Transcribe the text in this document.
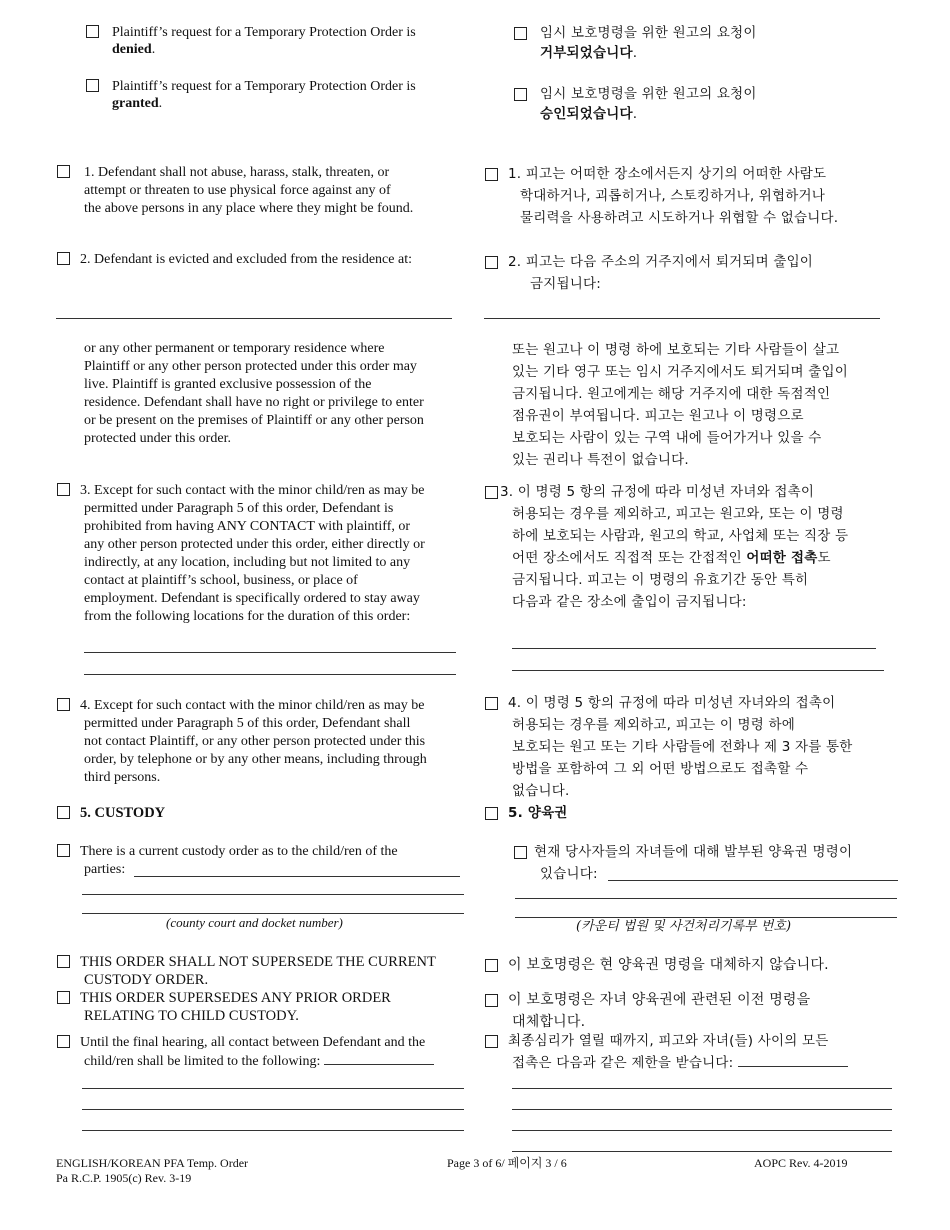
Plaintiff’s request for a Temporary Protection Order is
denied.
Plaintiff’s request for a Temporary Protection Order is
granted.
1. Defendant shall not abuse, harass, stalk, threaten, or
attempt or threaten to use physical force against any of
the above persons in any place where they might be found.
2. Defendant is evicted and excluded from the residence at:
or any other permanent or temporary residence where
Plaintiff or any other person protected under this order may
live. Plaintiff is granted exclusive possession of the
residence. Defendant shall have no right or privilege to enter
or be present on the premises of Plaintiff or any other person
protected under this order.
3. Except for such contact with the minor child/ren as may be
permitted under Paragraph 5 of this order, Defendant is
prohibited from having ANY CONTACT with plaintiff, or
any other person protected under this order, either directly or
indirectly, at any location, including but not limited to any
contact at plaintiff’s school, business, or place of
employment. Defendant is specifically ordered to stay away
from the following locations for the duration of this order:
4. Except for such contact with the minor child/ren as may be
permitted under Paragraph 5 of this order, Defendant shall
not contact Plaintiff, or any other person protected under this
order, by telephone or by any other means, including through
third persons.
5. CUSTODY
There is a current custody order as to the child/ren of the
parties:
(county court and docket number)
THIS ORDER SHALL NOT SUPERSEDE THE CURRENT
CUSTODY ORDER.
THIS ORDER SUPERSEDES ANY PRIOR ORDER
RELATING TO CHILD CUSTODY.
Until the final hearing, all contact between Defendant and the
child/ren shall be limited to the following:
임시 보호명령을 위한 원고의 요청이
거부되었습니다.
임시 보호명령을 위한 원고의 요청이
승인되었습니다.
1. 피고는 어떠한 장소에서든지 상기의 어떠한 사람도
학대하거나, 괴롭히거나, 스토킹하거나, 위협하거나
물리력을 사용하려고 시도하거나 위협할 수 없습니다.
2. 피고는 다음 주소의 거주지에서 퇴거되며 출입이
금지됩니다:
또는 원고나 이 명령 하에 보호되는 기타 사람들이 살고
있는 기타 영구 또는 임시 거주지에서도 퇴거되며 출입이
금지됩니다. 원고에게는 해당 거주지에 대한 독점적인
점유권이 부여됩니다. 피고는 원고나 이 명령으로
보호되는 사람이 있는 구역 내에 들어가거나 있을 수
있는 권리나 특전이 없습니다.
3. 이 명령 5 항의 규정에 따라 미성년 자녀와 접촉이
허용되는 경우를 제외하고, 피고는 원고와, 또는 이 명령
하에 보호되는 사람과, 원고의 학교, 사업체 또는 직장 등
어떤 장소에서도 직접적 또는 간접적인 어떠한 접촉도
금지됩니다. 피고는 이 명령의 유효기간 동안 특히
다음과 같은 장소에 출입이 금지됩니다:
4. 이 명령 5 항의 규정에 따라 미성년 자녀와의 접촉이
허용되는 경우를 제외하고, 피고는 이 명령 하에
보호되는 원고 또는 기타 사람들에 전화나 제 3 자를 통한
방법을 포함하여 그 외 어떤 방법으로도 접촉할 수
없습니다.
5. 양육권
현재 당사자들의 자녀들에 대해 발부된 양육권 명령이
있습니다:
(카운티 법원 및 사건처리기록부 번호)
이 보호명령은 현 양육권 명령을 대체하지 않습니다.
이 보호명령은 자녀 양육권에 관련된 이전 명령을
대체합니다.
최종심리가 열릴 때까지, 피고와 자녀(들) 사이의 모든
접촉은 다음과 같은 제한을 받습니다:
ENGLISH/KOREAN PFA Temp. Order
Pa R.C.P. 1905(c) Rev. 3-19
Page 3 of 6/ 페이지 3 / 6	AOPC Rev. 4-2019
